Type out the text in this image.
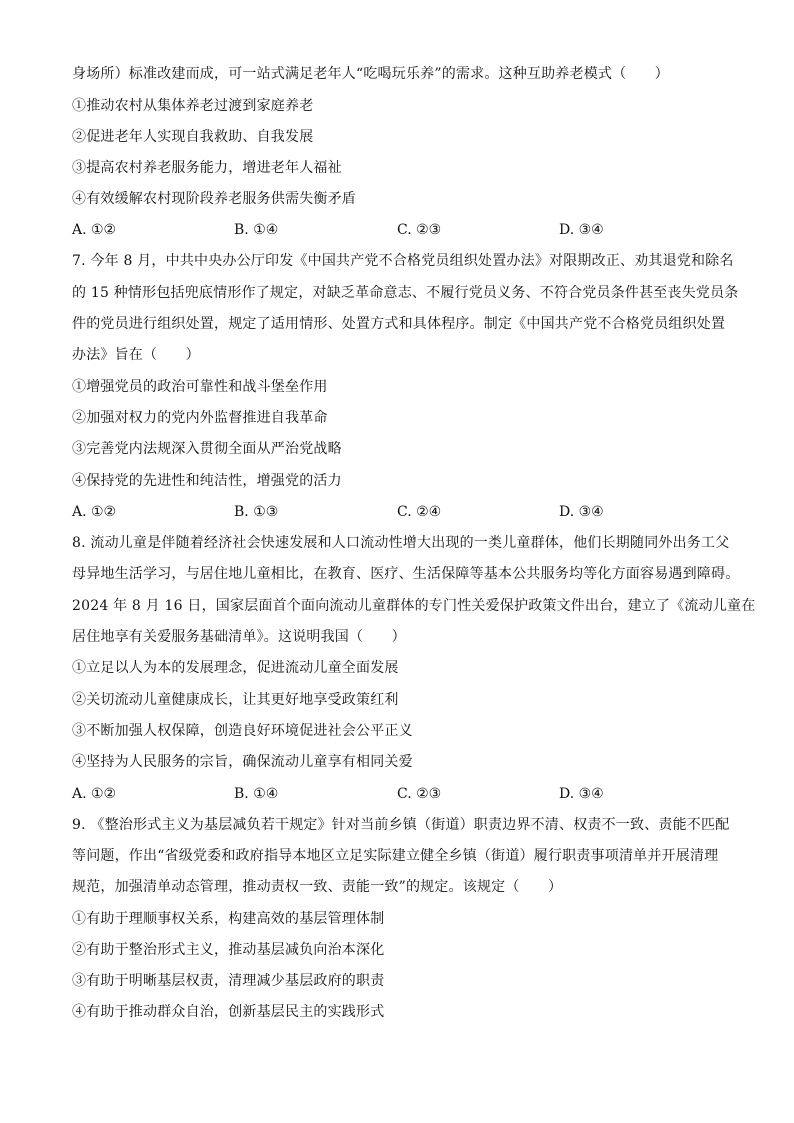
身场所）标准改建而成，可一站式满足老年人“吃喝玩乐养”的需求。这种互助养老模式（　　）
①推动农村从集体养老过渡到家庭养老
②促进老年人实现自我救助、自我发展
③提高农村养老服务能力，增进老年人福祉
④有效缓解农村现阶段养老服务供需失衡矛盾
A. ①②	B. ①④	C. ②③	D. ③④
7. 今年 8 月，中共中央办公厅印发《中国共产党不合格党员组织处置办法》对限期改正、劝其退党和除名
的 15 种情形包括兜底情形作了规定，对缺乏革命意志、不履行党员义务、不符合党员条件甚至丧失党员条
件的党员进行组织处置，规定了适用情形、处置方式和具体程序。制定《中国共产党不合格党员组织处置
办法》旨在（　　）
①增强党员的政治可靠性和战斗堡垒作用
②加强对权力的党内外监督推进自我革命
③完善党内法规深入贯彻全面从严治党战略
④保持党的先进性和纯洁性，增强党的活力
A. ①②	B. ①③	C. ②④	D. ③④
8. 流动儿童是伴随着经济社会快速发展和人口流动性增大出现的一类儿童群体，他们长期随同外出务工父
母异地生活学习，与居住地儿童相比，在教育、医疗、生活保障等基本公共服务均等化方面容易遇到障碍。
2024 年 8 月 16 日，国家层面首个面向流动儿童群体的专门性关爱保护政策文件出台，建立了《流动儿童在
居住地享有关爱服务基础清单》。这说明我国（　　）
①立足以人为本的发展理念，促进流动儿童全面发展
②关切流动儿童健康成长，让其更好地享受政策红利
③不断加强人权保障，创造良好环境促进社会公平正义
④坚持为人民服务的宗旨，确保流动儿童享有相同关爱
A. ①②	B. ①④	C. ②③	D. ③④
9. 《整治形式主义为基层减负若干规定》针对当前乡镇（街道）职责边界不清、权责不一致、责能不匹配
等问题，作出“省级党委和政府指导本地区立足实际建立健全乡镇（街道）履行职责事项清单并开展清理
规范，加强清单动态管理，推动责权一致、责能一致”的规定。该规定（　　）
①有助于理顺事权关系，构建高效的基层管理体制
②有助于整治形式主义，推动基层减负向治本深化
③有助于明晰基层权责，清理减少基层政府的职责
④有助于推动群众自治，创新基层民主的实践形式
